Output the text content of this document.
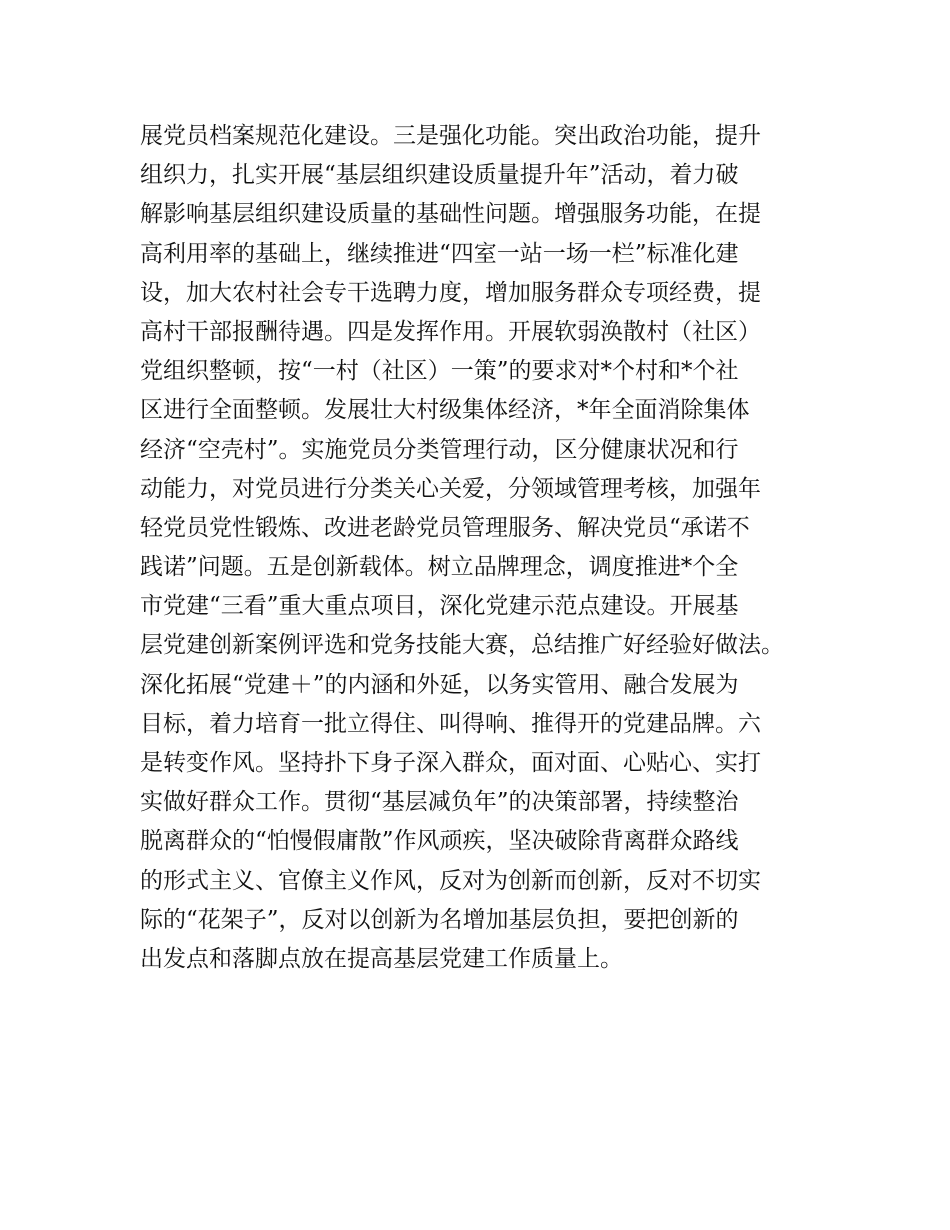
展党员档案规范化建设。三是强化功能。突出政治功能，提升
组织力，扎实开展“基层组织建设质量提升年”活动，着力破
解影响基层组织建设质量的基础性问题。增强服务功能，在提
高利用率的基础上，继续推进“四室一站一场一栏”标准化建
设，加大农村社会专干选聘力度，增加服务群众专项经费，提
高村干部报酬待遇。四是发挥作用。开展软弱涣散村（社区）
党组织整顿，按“一村（社区）一策”的要求对*个村和*个社
区进行全面整顿。发展壮大村级集体经济，*年全面消除集体
经济“空壳村”。实施党员分类管理行动，区分健康状况和行
动能力，对党员进行分类关心关爱，分领域管理考核，加强年
轻党员党性锻炼、改进老龄党员管理服务、解决党员“承诺不
践诺”问题。五是创新载体。树立品牌理念，调度推进*个全
市党建“三看”重大重点项目，深化党建示范点建设。开展基
层党建创新案例评选和党务技能大赛，总结推广好经验好做法。
深化拓展“党建＋”的内涵和外延，以务实管用、融合发展为
目标，着力培育一批立得住、叫得响、推得开的党建品牌。六
是转变作风。坚持扑下身子深入群众，面对面、心贴心、实打
实做好群众工作。贯彻“基层减负年”的决策部署，持续整治
脱离群众的“怕慢假庸散”作风顽疾，坚决破除背离群众路线
的形式主义、官僚主义作风，反对为创新而创新，反对不切实
际的“花架子”，反对以创新为名增加基层负担，要把创新的
出发点和落脚点放在提高基层党建工作质量上。
